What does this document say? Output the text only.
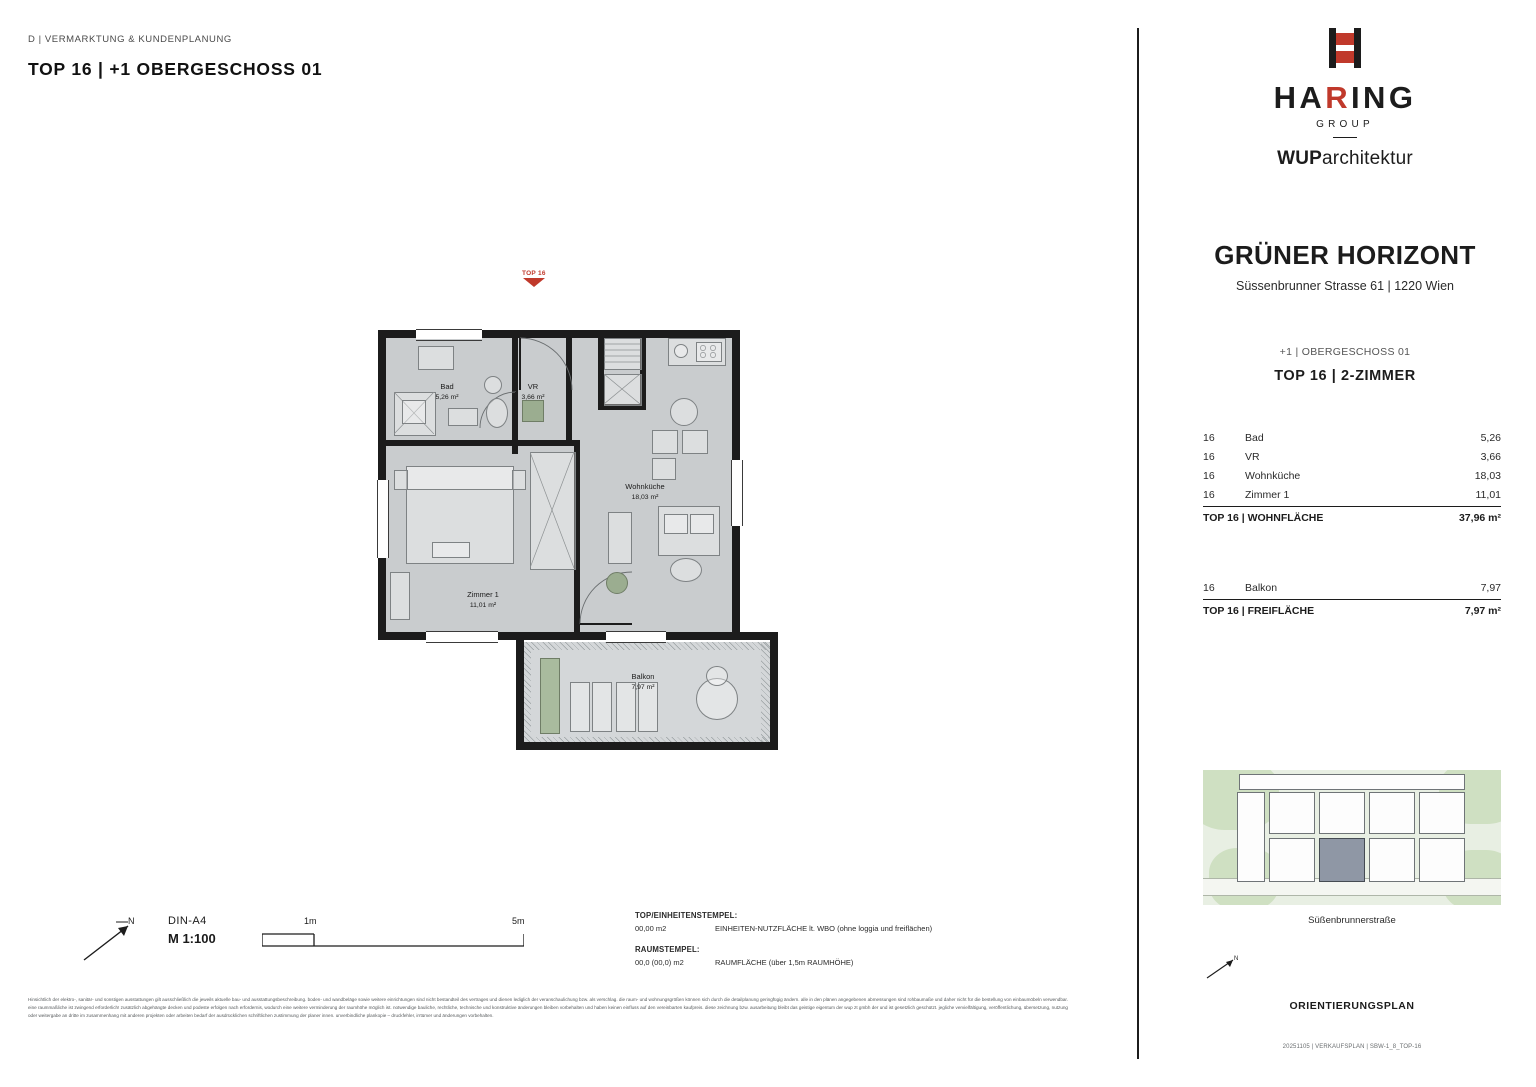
D | VERMARKTUNG & KUNDENPLANUNG
TOP 16 | +1 OBERGESCHOSS 01
TOP 16
Bad
5,26 m²
VR
3,66 m²
Wohnküche
18,03 m²
Zimmer 1
11,01 m²
Balkon
7,97 m²
N	DIN-A4
M 1:100
1m	5m
TOP/EINHEITENSTEMPEL:
00,00 m2	EINHEITEN-NUTZFLÄCHE lt. WBO (ohne loggia und freiflächen)
RAUMSTEMPEL:
00,0 (00,0) m2	RAUMFLÄCHE (über 1,5m RAUMHÖHE)
Hinsichtlich der elektro-, sanitär- und sonstigen ausstattungen gilt ausschließlich die jeweils aktuelle bau- und ausstattungsbeschreibung. boden- und wandbeläge sowie weitere einrichtungen sind nicht bestandteil des vertrages und dienen lediglich der veranschaulichung bzw. als verschlag. die raum- und wohnungsgrößen können sich durch die detailplanung geringfügig ändern. alle in den plänen angegebenen abmessungen sind rohbaumaße und daher nicht für die bestellung von einbaumöbeln verwendbar. eine raummaßliche ist zwingend erforderlich! zusätzlich abgehängte decken und podeste erfolgen nach erfordernis, wodurch eine weitere verminderung der raumhöhe möglich ist. notwendige bauliche, rechtliche, technische und konstruktive änderungen bleiben vorbehalten und haben keinen einfluss auf den vereinbarten kaufpreis. diese zeichnung bzw. ausarbeitung bleibt das geistige eigentum der wup zt gmbh der und ist gesetzlich geschützt. jegliche vervielfältigung, veröffentlichung, übersetzung, nutzung oder weitergabe an dritte im zusammenhang mit anderen projekten oder arbeiten bedarf der ausdrücklichen schriftlichen zustimmung der planer innen. unverbindliche plankopie – druckfehler, irrtümer und änderungen vorbehalten.
HARING
GROUP
WUParchitektur
GRÜNER HORIZONT
Süssenbrunner Strasse 61 | 1220 Wien
+1 | OBERGESCHOSS 01
TOP 16 | 2-ZIMMER
16	Bad	5,26
16	VR	3,66
16	Wohnküche	18,03
16	Zimmer 1	11,01
TOP 16 | WOHNFLÄCHE	37,96 m²
16	Balkon	7,97
TOP 16 | FREIFLÄCHE	7,97 m²
Süßenbrunnerstraße
N
ORIENTIERUNGSPLAN
20251105 | VERKAUFSPLAN | SBW-1_8_TOP-16
